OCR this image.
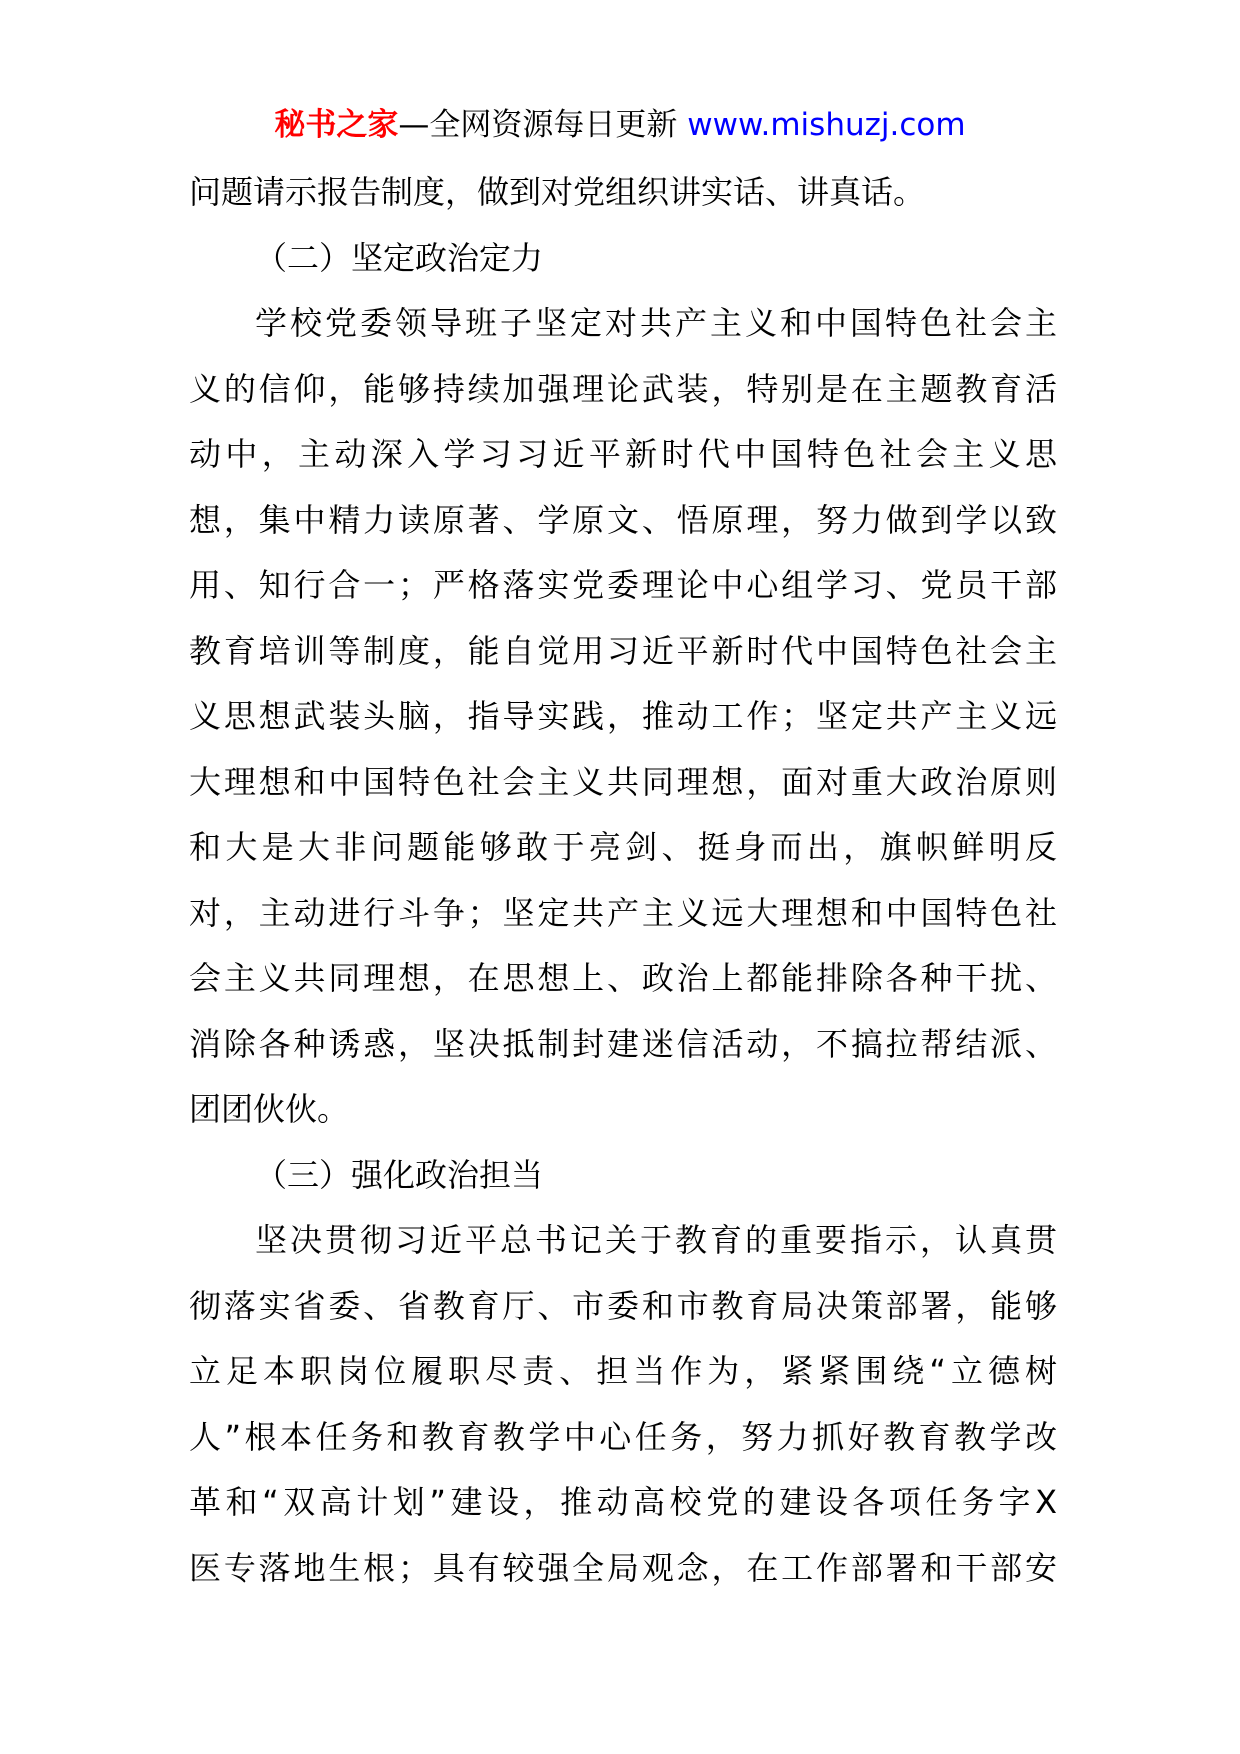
秘书之家—全网资源每日更新 www.mishuzj.com
问题请示报告制度，做到对党组织讲实话、讲真话。
（二）坚定政治定力
学校党委领导班子坚定对共产主义和中国特色社会主
义的信仰，能够持续加强理论武装，特别是在主题教育活
动中，主动深入学习习近平新时代中国特色社会主义思
想，集中精力读原著、学原文、悟原理，努力做到学以致
用、知行合一；严格落实党委理论中心组学习、党员干部
教育培训等制度，能自觉用习近平新时代中国特色社会主
义思想武装头脑，指导实践，推动工作；坚定共产主义远
大理想和中国特色社会主义共同理想，面对重大政治原则
和大是大非问题能够敢于亮剑、挺身而出，旗帜鲜明反
对，主动进行斗争；坚定共产主义远大理想和中国特色社
会主义共同理想，在思想上、政治上都能排除各种干扰、
消除各种诱惑，坚决抵制封建迷信活动，不搞拉帮结派、
团团伙伙。
（三）强化政治担当
坚决贯彻习近平总书记关于教育的重要指示，认真贯
彻落实省委、省教育厅、市委和市教育局决策部署，能够
立足本职岗位履职尽责、担当作为，紧紧围绕“立德树
人”根本任务和教育教学中心任务，努力抓好教育教学改
革和“双高计划”建设，推动高校党的建设各项任务字X
医专落地生根；具有较强全局观念，在工作部署和干部安
